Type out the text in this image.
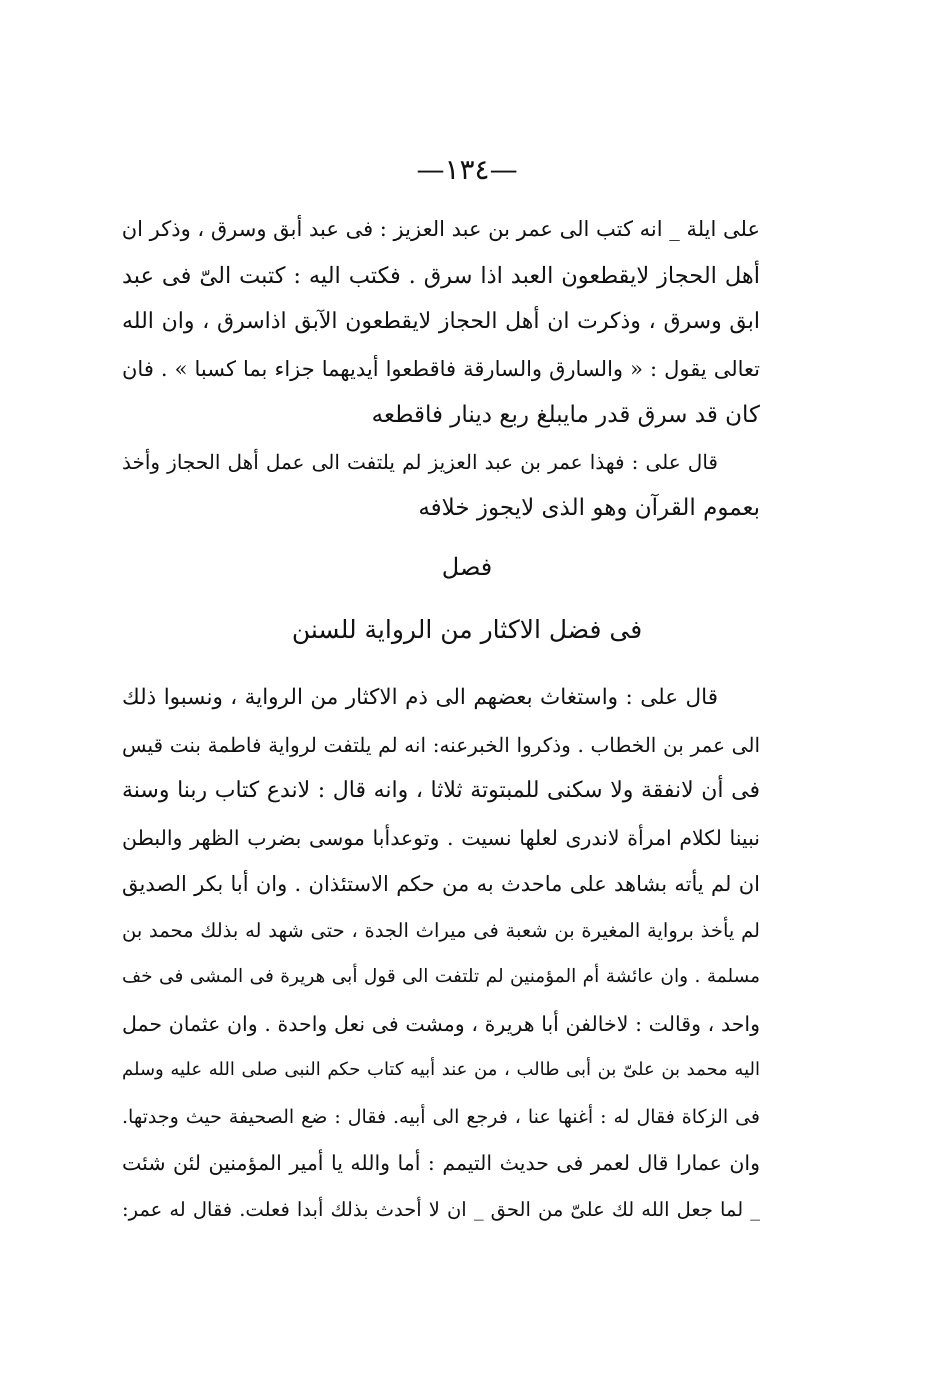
—١٣٤—
على ايلة _ انه كتب الى عمر بن عبد العزيز : فى عبد أبق وسرق ، وذكر ان
أهل الحجاز لايقطعون العبد اذا سرق . فكتب اليه : كتبت الىّ فى عبد
ابق وسرق ، وذكرت ان أهل الحجاز لايقطعون الآبق اذاسرق ، وان الله
تعالى يقول : « والسارق والسارقة فاقطعوا أيديهما جزاء بما كسبا » . فان
كان قد سرق قدر مايبلغ ربع دينار فاقطعه
قال على : فهذا عمر بن عبد العزيز لم يلتفت الى عمل أهل الحجاز وأخذ
بعموم القرآن وهو الذى لايجوز خلافه
فصل
فى فضل الاكثار من الرواية للسنن
قال على : واستغاث بعضهم الى ذم الاكثار من الرواية ، ونسبوا ذلك
الى عمر بن الخطاب . وذكروا الخبرعنه: انه لم يلتفت لرواية فاطمة بنت قيس
فى أن لانفقة ولا سكنى للمبتوتة ثلاثا ، وانه قال : لاندع كتاب ربنا وسنة
نبينا لكلام امرأة لاندرى لعلها نسيت . وتوعدأبا موسى بضرب الظهر والبطن
ان لم يأته بشاهد على ماحدث به من حكم الاستئذان . وان أبا بكر الصديق
لم يأخذ برواية المغيرة بن شعبة فى ميراث الجدة ، حتى شهد له بذلك محمد بن
مسلمة . وان عائشة أم المؤمنين لم تلتفت الى قول أبى هريرة فى المشى فى خف
واحد ، وقالت : لاخالفن أبا هريرة ، ومشت فى نعل واحدة . وان عثمان حمل
اليه محمد بن علىّ بن أبى طالب ، من عند أبيه كتاب حكم النبى صلى الله عليه وسلم
فى الزكاة فقال له : أغنها عنا ، فرجع الى أبيه. فقال : ضع الصحيفة حيث وجدتها.
وان عمارا قال لعمر فى حديث التيمم : أما والله يا أمير المؤمنين لئن شئت
_ لما جعل الله لك علىّ من الحق _ ان لا أحدث بذلك أبدا فعلت. فقال له عمر:
